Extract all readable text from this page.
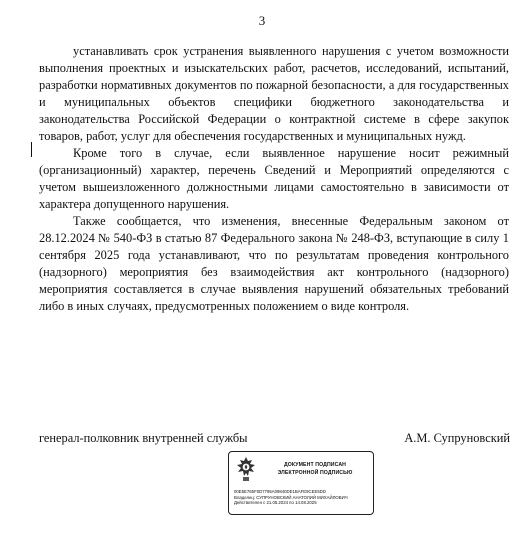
3

устанавливать срок устранения выявленного нарушения с учетом возможности выполнения проектных и изыскательских работ, расчетов, исследований, испытаний, разработки нормативных документов по пожарной безопасности, а для государственных и муниципальных объектов специфики бюджетного законодательства и законодательства Российской Федерации о контрактной системе в сфере закупок товаров, работ, услуг для обеспечения государственных и муниципальных нужд.

Кроме того в случае, если выявленное нарушение носит режимный (организационный) характер, перечень Сведений и Мероприятий определяются с учетом вышеизложенного должностными лицами самостоятельно в зависимости от характера допущенного нарушения.

Также сообщается, что изменения, внесенные Федеральным законом от 28.12.2024 № 540-ФЗ в статью 87 Федерального закона № 248-ФЗ, вступающие в силу 1 сентября 2025 года устанавливают, что по результатам проведения контрольного (надзорного) мероприятия без взаимодействия акт контрольного (надзорного) мероприятия составляется в случае выявления нарушений обязательных требований либо в иных случаях, предусмотренных положением о виде контроля.

генерал-полковник внутренней службы	А.М. Супруновский
ДОКУМЕНТ ПОДПИСАН
ЭЛЕКТРОННОЙ ПОДПИСЬЮ
00E5E765F0D7795A09840DE1BAFE9CEE5DD
Владелец: СУПРУНОВСКИЙ АНАТОЛИЙ МИХАЙЛОВИЧ
Действителен с 21.05.2024 по 14.08.2025
